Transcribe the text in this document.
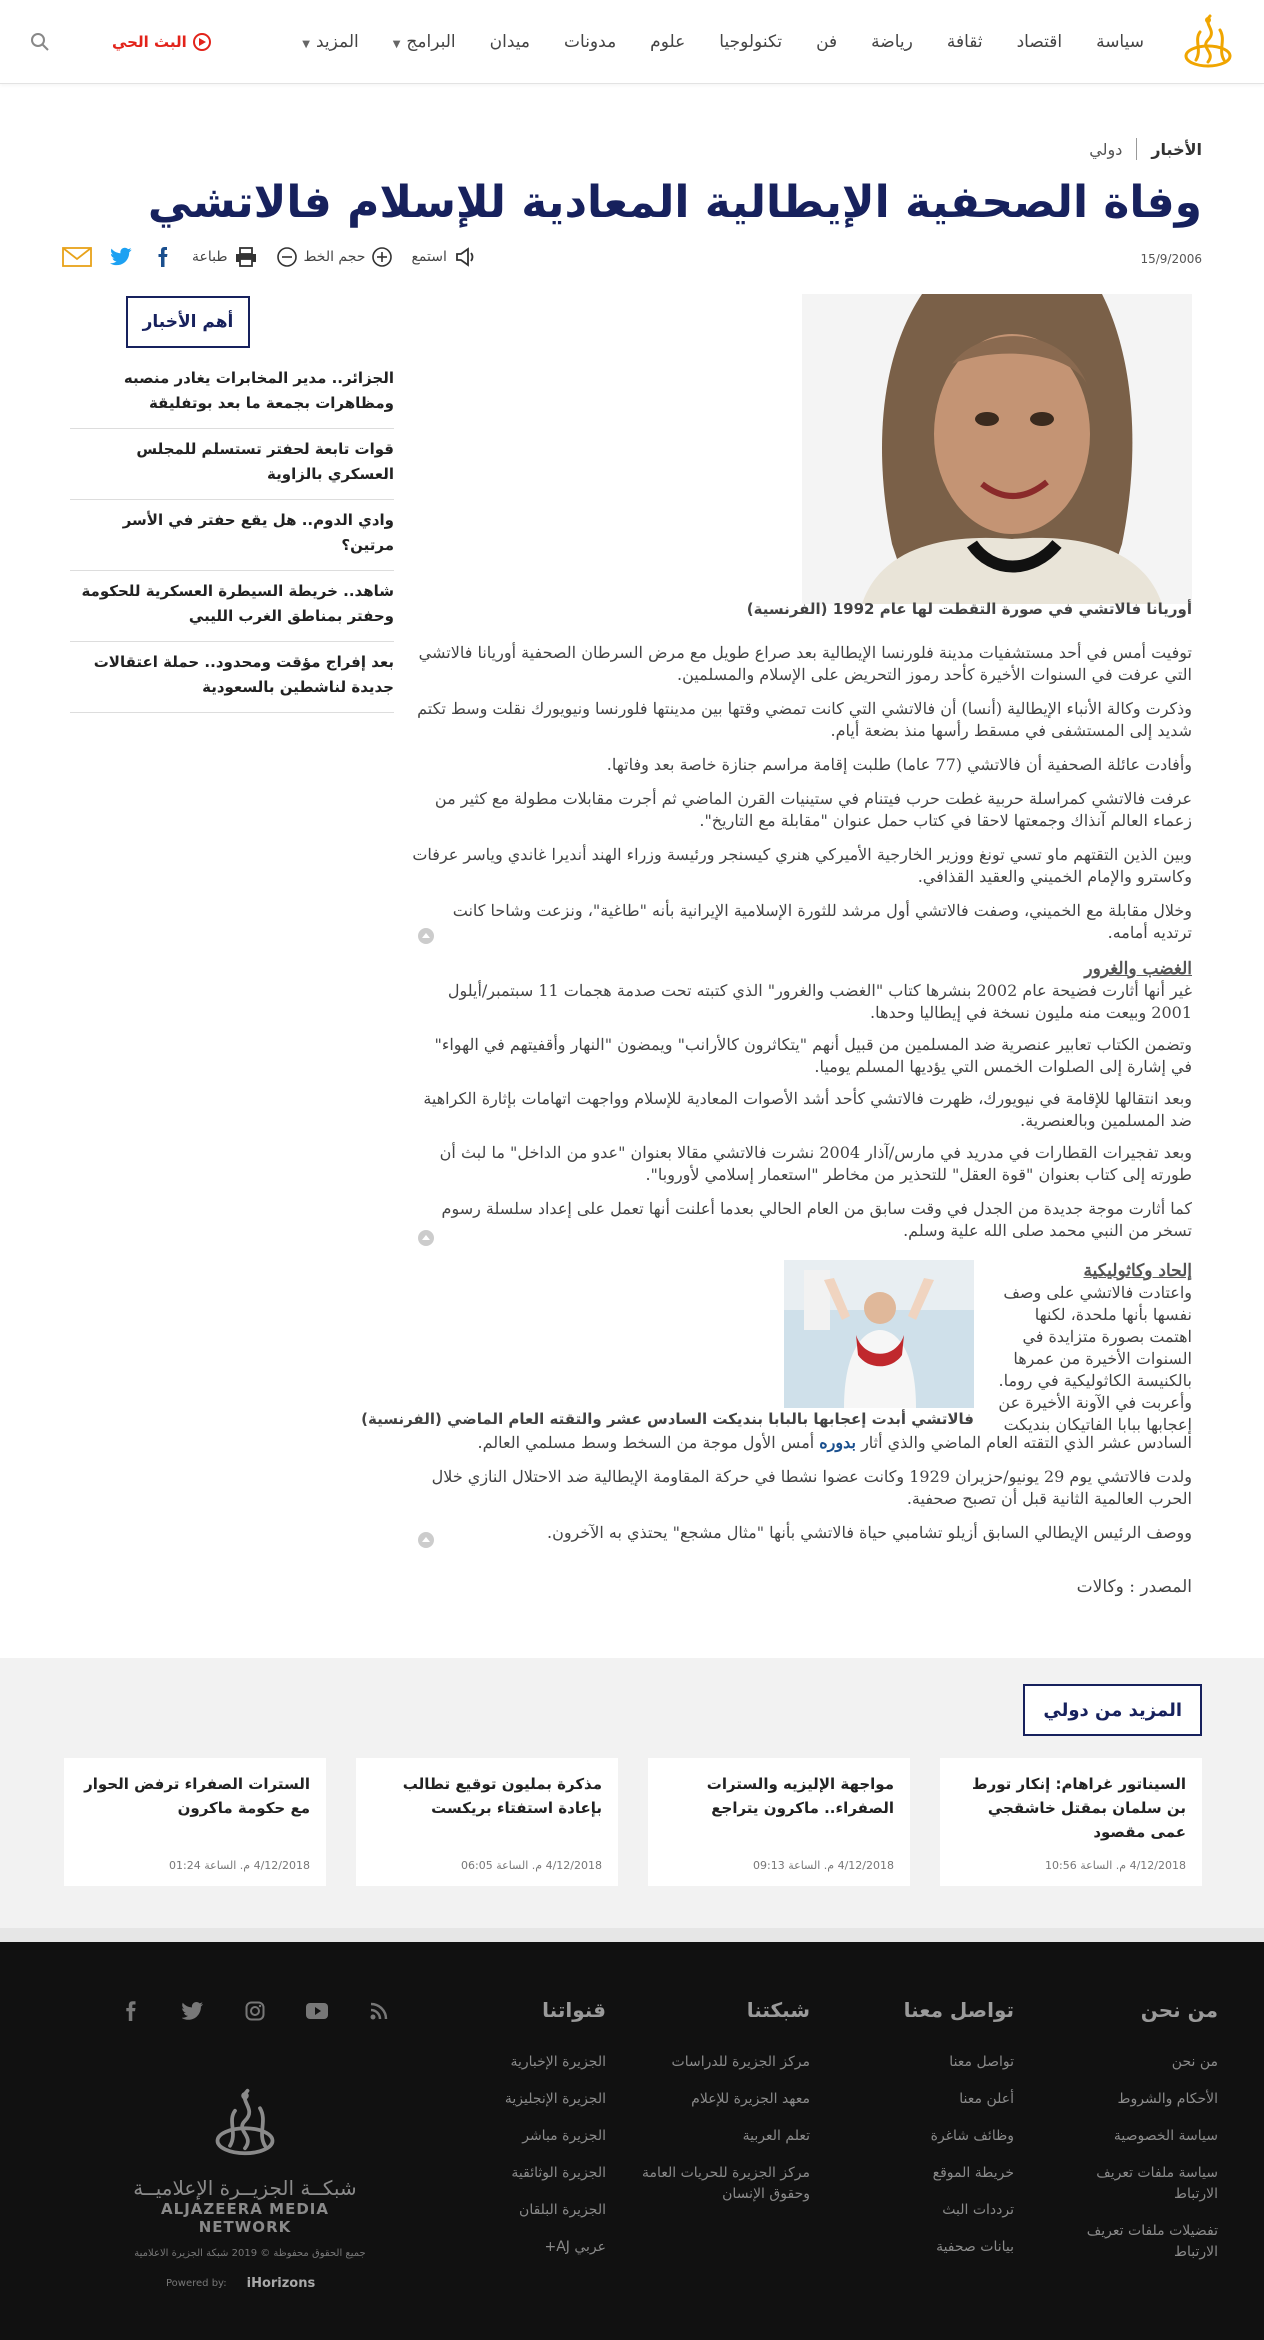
سياسة
اقتصاد
ثقافة
رياضة
فن
تكنولوجيا
علوم
مدونات
ميدان
البرامج▼
المزيد▼
البث الحي
الأخبار
دولي
وفاة الصحفية الإيطالية المعادية للإسلام فالاتشي
15/9/2006
استمع
حجم الخط
طباعة
أوريانا فالاتشي في صورة التقطت لها عام 1992 (الفرنسية)

توفيت أمس في أحد مستشفيات مدينة فلورنسا الإيطالية بعد صراع طويل مع مرض السرطان الصحفية أوريانا فالاتشي التي عرفت في السنوات الأخيرة كأحد رموز التحريض على الإسلام والمسلمين.

وذكرت وكالة الأنباء الإيطالية (أنسا) أن فالاتشي التي كانت تمضي وقتها بين مدينتها فلورنسا ونيويورك نقلت وسط تكتم شديد إلى المستشفى في مسقط رأسها منذ بضعة أيام.

وأفادت عائلة الصحفية أن فالاتشي (77 عاما) طلبت إقامة مراسم جنازة خاصة بعد وفاتها.

عرفت فالاتشي كمراسلة حربية غطت حرب فيتنام في ستينيات القرن الماضي ثم أجرت مقابلات مطولة مع كثير من زعماء العالم آنذاك وجمعتها لاحقا في كتاب حمل عنوان "مقابلة مع التاريخ".

وبين الذين التقتهم ماو تسي تونغ ووزير الخارجية الأميركي هنري كيسنجر ورئيسة وزراء الهند أنديرا غاندي وياسر عرفات وكاسترو والإمام الخميني والعقيد القذافي.

وخلال مقابلة مع الخميني، وصفت فالاتشي أول مرشد للثورة الإسلامية الإيرانية بأنه "طاغية"، ونزعت وشاحا كانت ترتديه أمامه.

الغضب والغرور

غير أنها أثارت فضيحة عام 2002 بنشرها كتاب "الغضب والغرور" الذي كتبته تحت صدمة هجمات 11 سبتمبر/أيلول 2001 وبيعت منه مليون نسخة في إيطاليا وحدها.

وتضمن الكتاب تعابير عنصرية ضد المسلمين من قبيل أنهم "يتكاثرون كالأرانب" ويمضون "النهار وأقفيتهم في الهواء" في إشارة إلى الصلوات الخمس التي يؤديها المسلم يوميا.

وبعد انتقالها للإقامة في نيويورك، ظهرت فالاتشي كأحد أشد الأصوات المعادية للإسلام وواجهت اتهامات بإثارة الكراهية ضد المسلمين وبالعنصرية.

وبعد تفجيرات القطارات في مدريد في مارس/آذار 2004 نشرت فالاتشي مقالا بعنوان "عدو من الداخل" ما لبث أن طورته إلى كتاب بعنوان "قوة العقل" للتحذير من مخاطر "استعمار إسلامي لأوروبا".

كما أثارت موجة جديدة من الجدل في وقت سابق من العام الحالي بعدما أعلنت أنها تعمل على إعداد سلسلة رسوم تسخر من النبي محمد صلى الله علية وسلم.

إلحاد وكاثوليكية

واعتادت فالاتشي على وصف نفسها بأنها ملحدة، لكنها اهتمت بصورة متزايدة في السنوات الأخيرة من عمرها بالكنيسة الكاثوليكية في روما.

وأعربت في الآونة الأخيرة عن إعجابها ببابا الفاتيكان بنديكت

فالاتشي أبدت إعجابها بالبابا بنديكت السادس عشر والتقته العام الماضي (الفرنسية)

السادس عشر الذي التقته العام الماضي والذي أثار بدوره أمس الأول موجة من السخط وسط مسلمي العالم.

ولدت فالاتشي يوم 29 يونيو/حزيران 1929 وكانت عضوا نشطا في حركة المقاومة الإيطالية ضد الاحتلال النازي خلال الحرب العالمية الثانية قبل أن تصبح صحفية.

ووصف الرئيس الإيطالي السابق أزيلو تشامبي حياة فالاتشي بأنها "مثال مشجع" يحتذي به الآخرون.

المصدر : وكالات

أهم الأخبار
الجزائر.. مدير المخابرات يغادر منصبه ومظاهرات بجمعة ما بعد بوتفليقة
قوات تابعة لحفتر تستسلم للمجلس العسكري بالزاوية
وادي الدوم.. هل يقع حفتر في الأسر مرتين؟
شاهد.. خريطة السيطرة العسكرية للحكومة وحفتر بمناطق الغرب الليبي
بعد إفراج مؤقت ومحدود.. حملة اعتقالات جديدة لناشطين بالسعودية
المزيد من دولي
السيناتور غراهام: إنكار تورط بن سلمان بمقتل خاشقجي عمى مقصود
4/12/2018 م. الساعة 10:56
مواجهة الإليزيه والسترات الصفراء.. ماكرون يتراجع
4/12/2018 م. الساعة 09:13
مذكرة بمليون توقيع تطالب بإعادة استفتاء بريكست
4/12/2018 م. الساعة 06:05
السترات الصفراء ترفض الحوار مع حكومة ماكرون
4/12/2018 م. الساعة 01:24
من نحن
من نحن
الأحكام والشروط
سياسة الخصوصية
سياسة ملفات تعريف الارتباط
تفضيلات ملفات تعريف الارتباط
تواصل معنا
تواصل معنا
أعلن معنا
وظائف شاغرة
خريطة الموقع
ترددات البث
بيانات صحفية
شبكتنا
مركز الجزيرة للدراسات
معهد الجزيرة للإعلام
تعلم العربية
مركز الجزيرة للحريات العامة وحقوق الإنسان
قنواتنا
الجزيرة الإخبارية
الجزيرة الإنجليزية
الجزيرة مباشر
الجزيرة الوثائقية
الجزيرة البلقان
عربي AJ+
شبكــة الجزيــرة الإعلاميــة
ALJAZEERA MEDIA NETWORK
جميع الحقوق محفوظة © 2019 شبكة الجزيرة الاعلامية
Powered by: iHorizons
